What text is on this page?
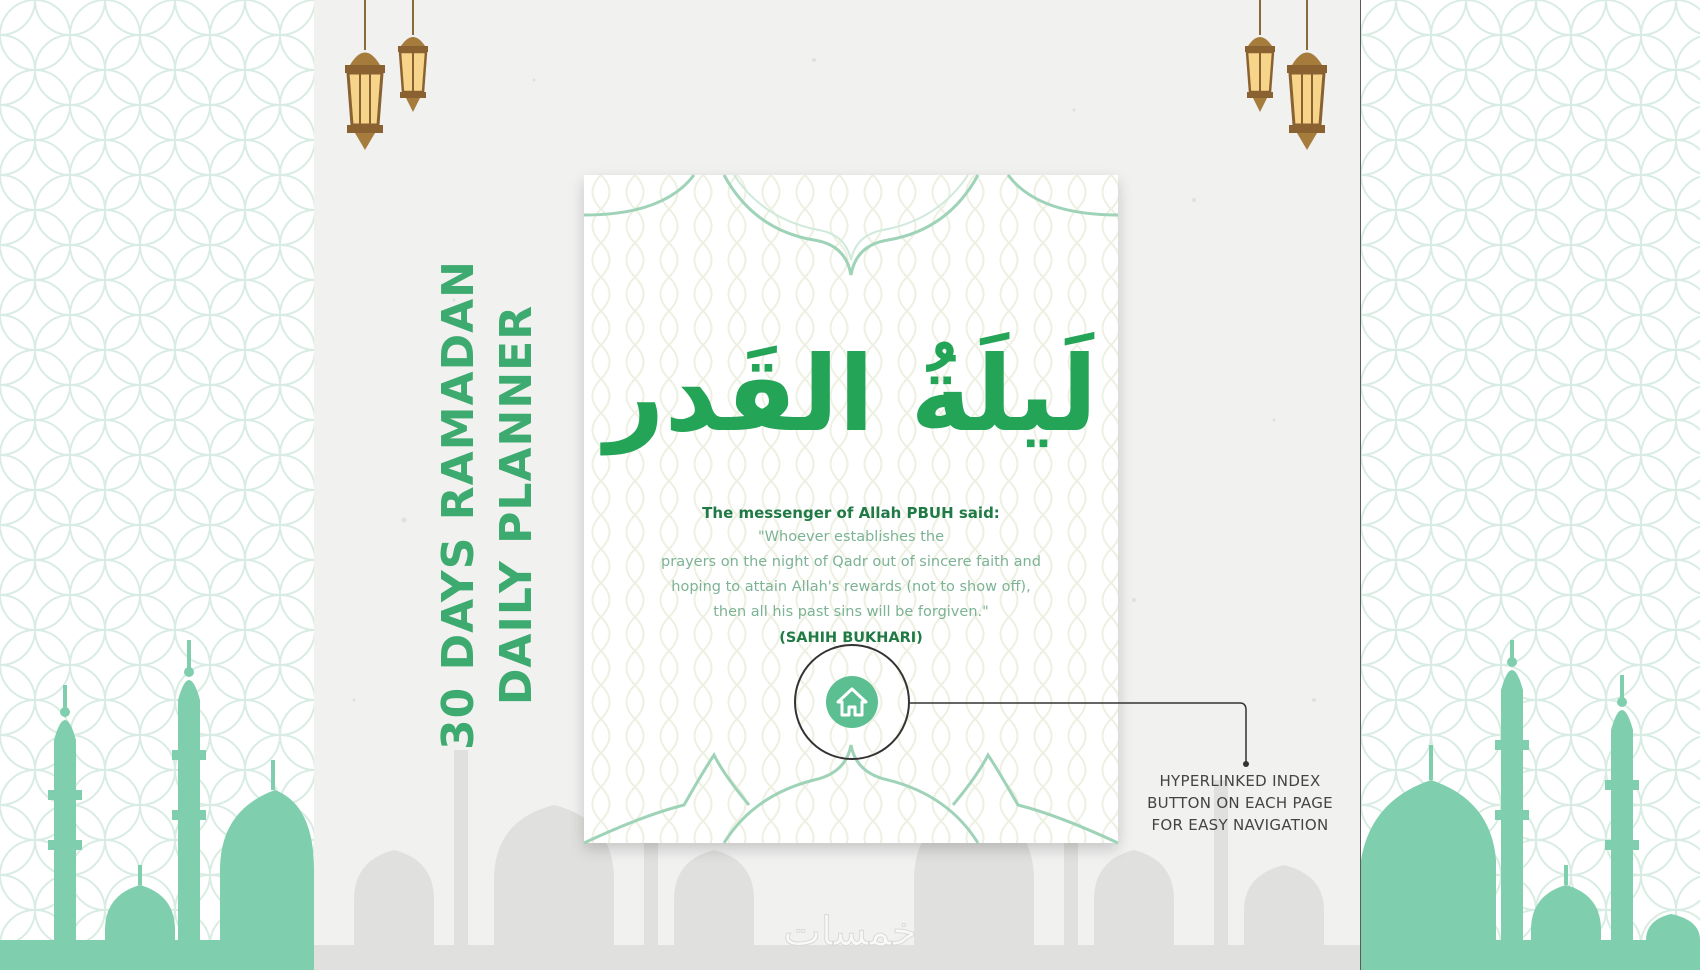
30 DAYS RAMADAN DAILY PLANNER لَيلَةُ القَدر
The messenger of Allah PBUH said:
"Whoever establishes the
prayers on the night of Qadr out of sincere faith and
hoping to attain Allah's rewards (not to show off),
then all his past sins will be forgiven."
(SAHIH BUKHARI)
HYPERLINKED INDEX
BUTTON ON EACH PAGE
FOR EASY NAVIGATION
خمسات
